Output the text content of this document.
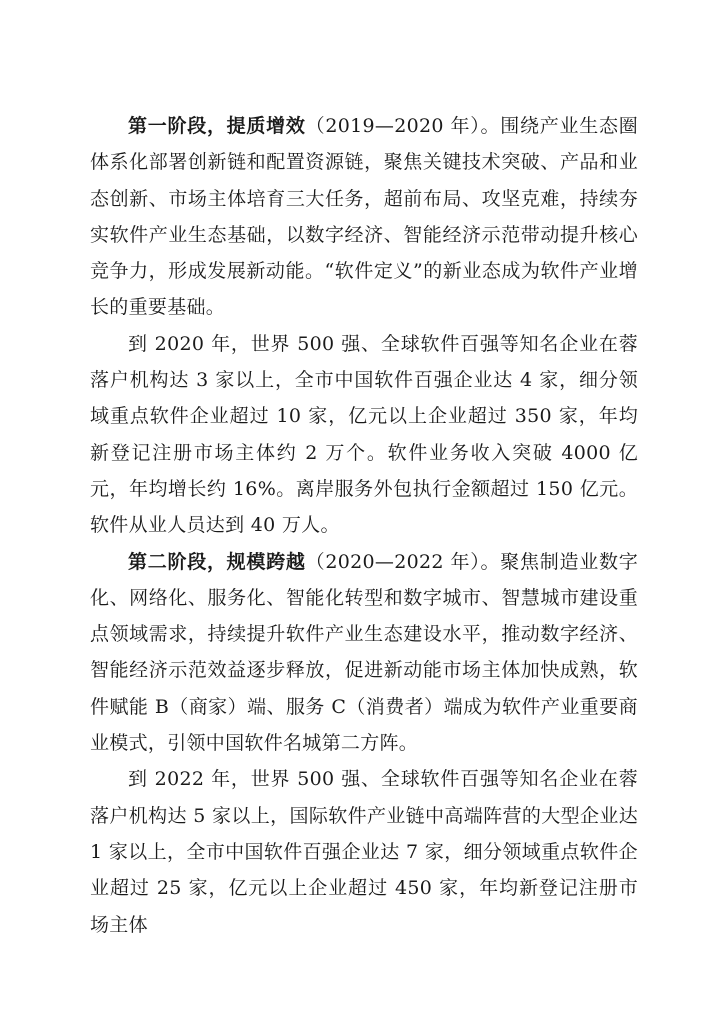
第一阶段，提质增效（2019—2020 年）。围绕产业生态圈体系化部署创新链和配置资源链，聚焦关键技术突破、产品和业态创新、市场主体培育三大任务，超前布局、攻坚克难，持续夯实软件产业生态基础，以数字经济、智能经济示范带动提升核心竞争力，形成发展新动能。“软件定义”的新业态成为软件产业增长的重要基础。

到 2020 年，世界 500 强、全球软件百强等知名企业在蓉落户机构达 3 家以上，全市中国软件百强企业达 4 家，细分领域重点软件企业超过 10 家，亿元以上企业超过 350 家，年均新登记注册市场主体约 2 万个。软件业务收入突破 4000 亿元，年均增长约 16%。离岸服务外包执行金额超过 150 亿元。软件从业人员达到 40 万人。

第二阶段，规模跨越（2020—2022 年）。聚焦制造业数字化、网络化、服务化、智能化转型和数字城市、智慧城市建设重点领域需求，持续提升软件产业生态建设水平，推动数字经济、智能经济示范效益逐步释放，促进新动能市场主体加快成熟，软件赋能 B（商家）端、服务 C（消费者）端成为软件产业重要商业模式，引领中国软件名城第二方阵。

到 2022 年，世界 500 强、全球软件百强等知名企业在蓉落户机构达 5 家以上，国际软件产业链中高端阵营的大型企业达 1 家以上，全市中国软件百强企业达 7 家，细分领域重点软件企业超过 25 家，亿元以上企业超过 450 家，年均新登记注册市场主体
